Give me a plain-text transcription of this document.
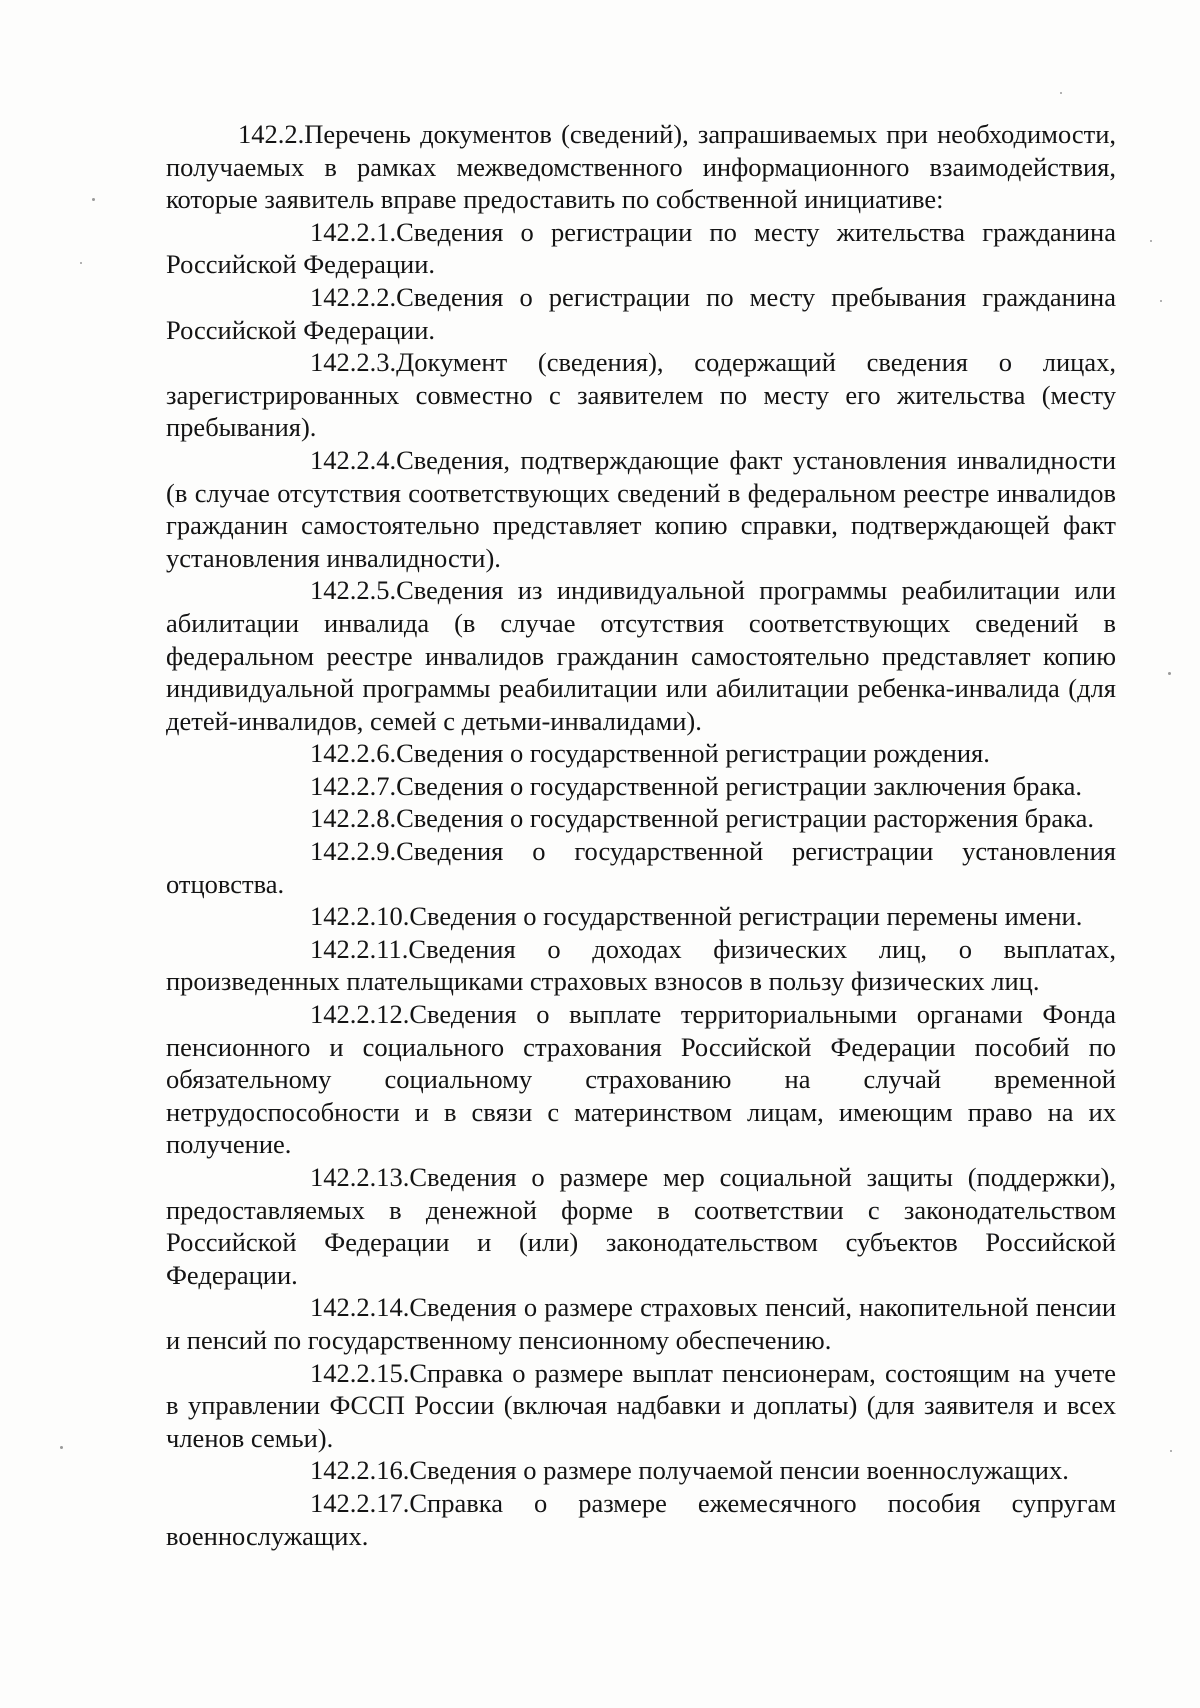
142.2.Перечень документов (сведений), запрашиваемых при необходимости, получаемых в рамках межведомственного информационного взаимодействия, которые заявитель вправе предоставить по собственной инициативе:

142.2.1.Сведения о регистрации по месту жительства гражданина Российской Федерации.

142.2.2.Сведения о регистрации по месту пребывания гражданина Российской Федерации.

142.2.3.Документ (сведения), содержащий сведения о лицах, зарегистрированных совместно с заявителем по месту его жительства (месту пребывания).

142.2.4.Сведения, подтверждающие факт установления инвалидности (в случае отсутствия соответствующих сведений в федеральном реестре инвалидов гражданин самостоятельно представляет копию справки, подтверждающей факт установления инвалидности).

142.2.5.Сведения из индивидуальной программы реабилитации или абилитации инвалида (в случае отсутствия соответствующих сведений в федеральном реестре инвалидов гражданин самостоятельно представляет копию индивидуальной программы реабилитации или абилитации ребенка-инвалида (для детей-инвалидов, семей с детьми-инвалидами).

142.2.6.Сведения о государственной регистрации рождения.

142.2.7.Сведения о государственной регистрации заключения брака.

142.2.8.Сведения о государственной регистрации расторжения брака.

142.2.9.Сведения о государственной регистрации установления отцовства.

142.2.10.Сведения о государственной регистрации перемены имени.

142.2.11.Сведения о доходах физических лиц, о выплатах, произведенных плательщиками страховых взносов в пользу физических лиц.

142.2.12.Сведения о выплате территориальными органами Фонда пенсионного и социального страхования Российской Федерации пособий по обязательному социальному страхованию на случай временной нетрудоспособности и в связи с материнством лицам, имеющим право на их получение.

142.2.13.Сведения о размере мер социальной защиты (поддержки), предоставляемых в денежной форме в соответствии с законодательством Российской Федерации и (или) законодательством субъектов Российской Федерации.

142.2.14.Сведения о размере страховых пенсий, накопительной пенсии и пенсий по государственному пенсионному обеспечению.

142.2.15.Справка о размере выплат пенсионерам, состоящим на учете в управлении ФССП России (включая надбавки и доплаты) (для заявителя и всех членов семьи).

142.2.16.Сведения о размере получаемой пенсии военнослужащих.

142.2.17.Справка о размере ежемесячного пособия супругам военнослужащих.
